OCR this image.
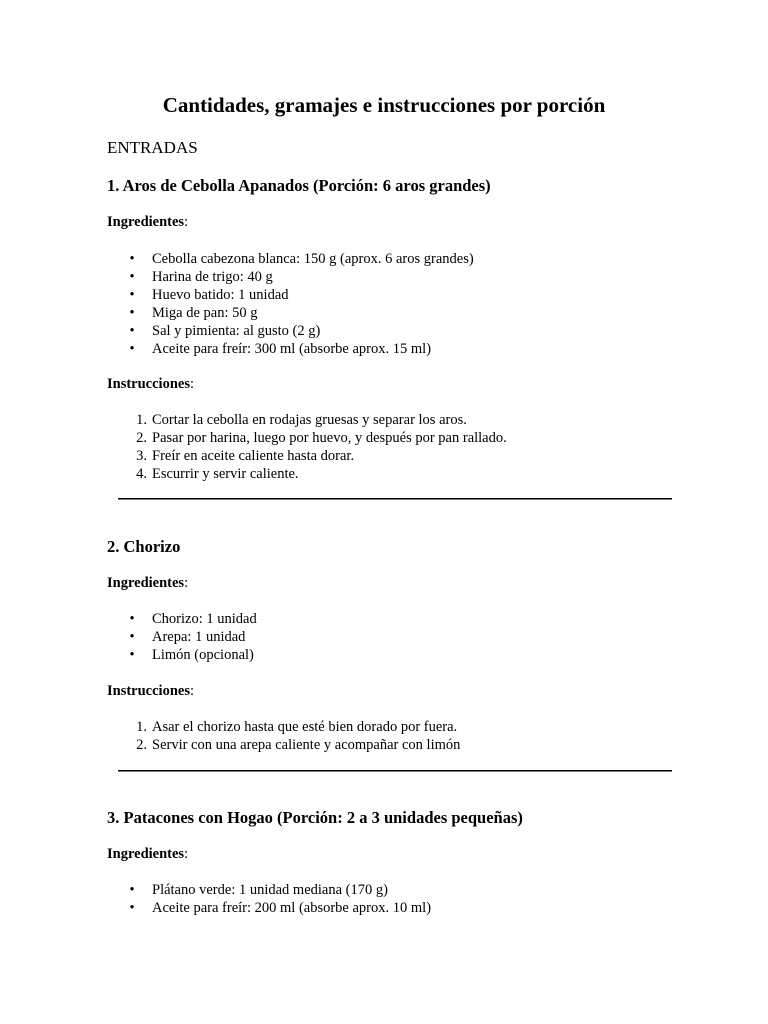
Cantidades, gramajes e instrucciones por porción
ENTRADAS
1. Aros de Cebolla Apanados (Porción: 6 aros grandes)

Ingredientes:

• Cebolla cabezona blanca: 150 g (aprox. 6 aros grandes)
• Harina de trigo: 40 g
• Huevo batido: 1 unidad
• Miga de pan: 50 g
• Sal y pimienta: al gusto (2 g)
• Aceite para freír: 300 ml (absorbe aprox. 15 ml)

Instrucciones:

1. Cortar la cebolla en rodajas gruesas y separar los aros.
2. Pasar por harina, luego por huevo, y después por pan rallado.
3. Freír en aceite caliente hasta dorar.
4. Escurrir y servir caliente.
2. Chorizo

Ingredientes:

• Chorizo: 1 unidad
• Arepa: 1 unidad
• Limón (opcional)

Instrucciones:

1. Asar el chorizo hasta que esté bien dorado por fuera.
2. Servir con una arepa caliente y acompañar con limón
3. Patacones con Hogao (Porción: 2 a 3 unidades pequeñas)

Ingredientes:

• Plátano verde: 1 unidad mediana (170 g)
• Aceite para freír: 200 ml (absorbe aprox. 10 ml)
